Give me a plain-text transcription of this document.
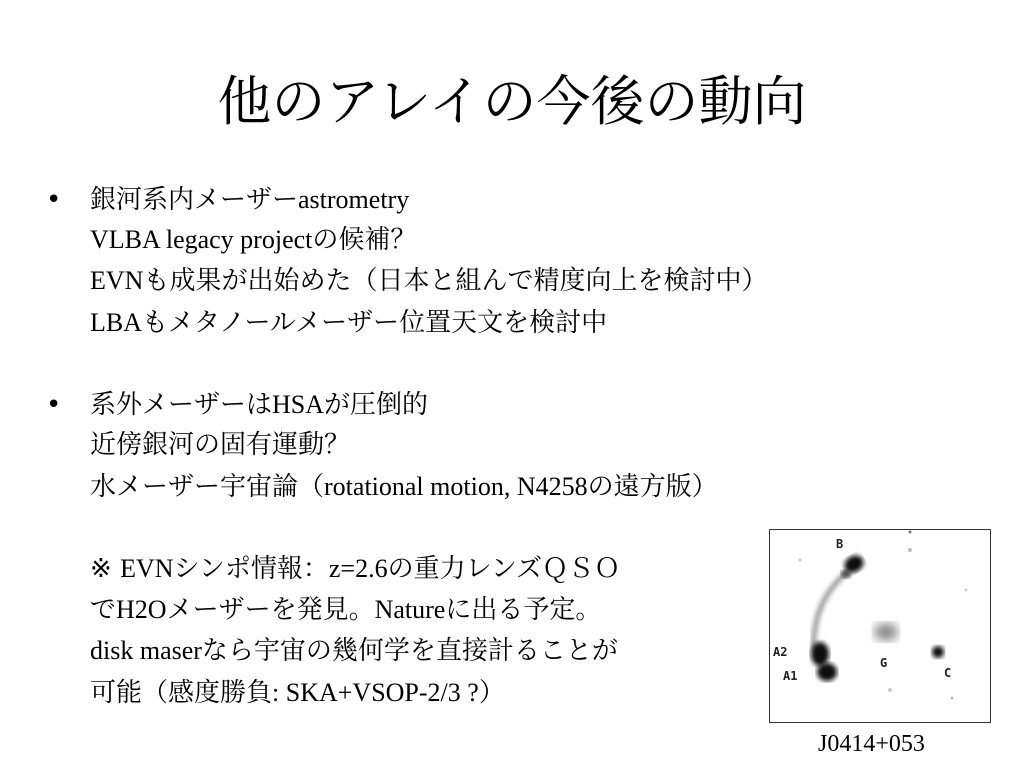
他のアレイの今後の動向
• 銀河系内メーザーastrometry
VLBA legacy projectの候補？
EVNも成果が出始めた（日本と組んで精度向上を検討中）
LBAもメタノールメーザー位置天文を検討中
• 系外メーザーはHSAが圧倒的
近傍銀河の固有運動？
水メーザー宇宙論（rotational motion, N4258の遠方版）
※ EVNシンポ情報：z=2.6の重力レンズＱＳＯ
でH2Oメーザーを発見。Natureに出る予定。
disk maserなら宇宙の幾何学を直接計ることが
可能（感度勝負: SKA+VSOP-2/3 ?）
B
A2
A1
G
C
J0414+053
